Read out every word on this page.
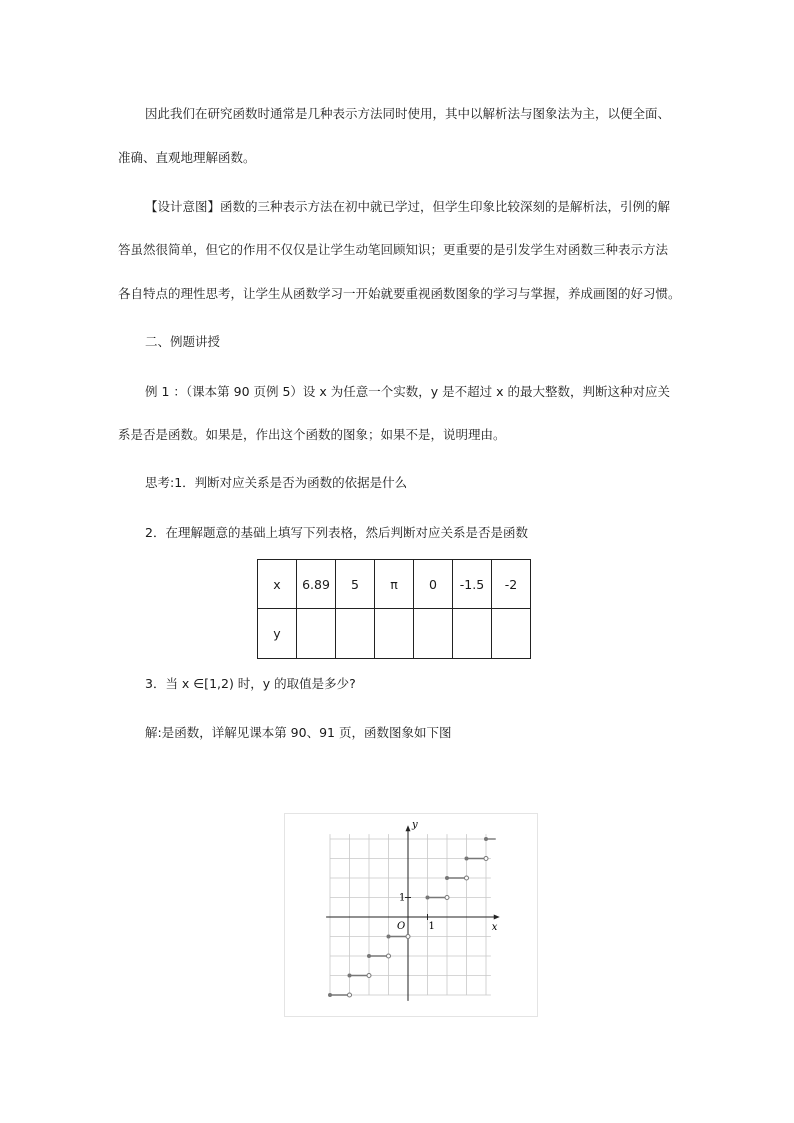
因此我们在研究函数时通常是几种表示方法同时使用，其中以解析法与图象法为主，以便全面、
准确、直观地理解函数。
【设计意图】函数的三种表示方法在初中就已学过，但学生印象比较深刻的是解析法，引例的解
答虽然很简单，但它的作用不仅仅是让学生动笔回顾知识；更重要的是引发学生对函数三种表示方法
各自特点的理性思考，让学生从函数学习一开始就要重视函数图象的学习与掌握，养成画图的好习惯。
二、例题讲授
例 1 ：（课本第 90 页例 5）设 x 为任意一个实数，y 是不超过 x 的最大整数，判断这种对应关
系是否是函数。如果是，作出这个函数的图象；如果不是，说明理由。
思考:1．判断对应关系是否为函数的依据是什么
2．在理解题意的基础上填写下列表格，然后判断对应关系是否是函数
x	6.89	5	π	0	-1.5	-2
y						
3．当 x ∈[1,2) 时，y 的取值是多少?
解:是函数，详解见课本第 90、91 页，函数图象如下图
x
y
O 1
1
